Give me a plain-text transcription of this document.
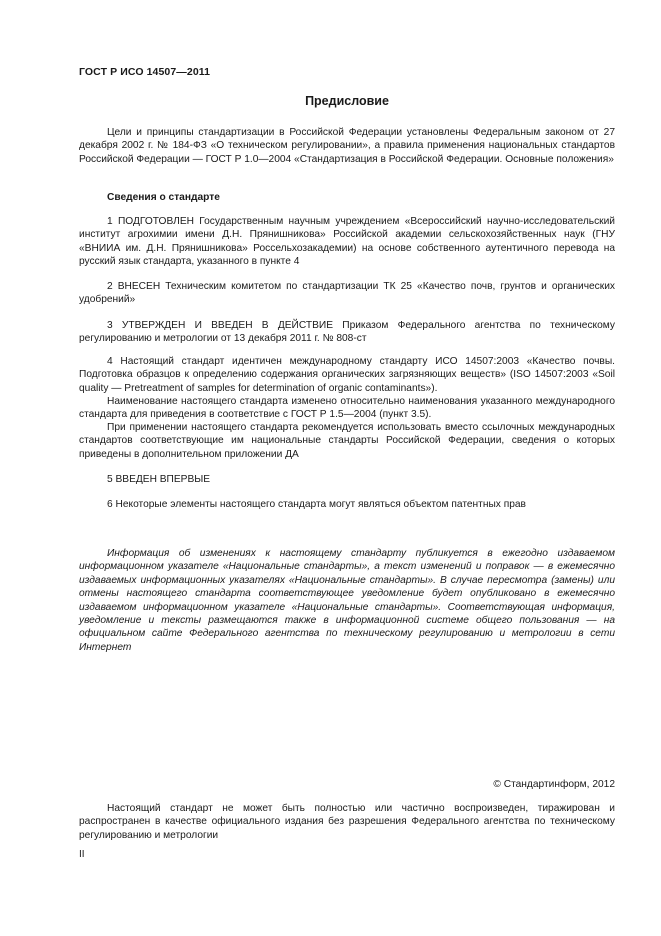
ГОСТ Р ИСО 14507—2011
Предисловие

Цели и принципы стандартизации в Российской Федерации установлены Федеральным законом от 27 декабря 2002 г. № 184-ФЗ «О техническом регулировании», а правила применения национальных стандартов Российской Федерации — ГОСТ Р 1.0—2004 «Стандартизация в Российской Федерации. Основные положения»

Сведения о стандарте

1 ПОДГОТОВЛЕН Государственным научным учреждением «Всероссийский научно-исследовательский институт агрохимии имени Д.Н. Прянишникова» Российской академии сельскохозяйственных наук (ГНУ «ВНИИА им. Д.Н. Прянишникова» Россельхозакадемии) на основе собственного аутентичного перевода на русский язык стандарта, указанного в пункте 4

2 ВНЕСЕН Техническим комитетом по стандартизации ТК 25 «Качество почв, грунтов и органических удобрений»

3 УТВЕРЖДЕН И ВВЕДЕН В ДЕЙСТВИЕ Приказом Федерального агентства по техническому регулированию и метрологии от 13 декабря 2011 г. № 808-ст

4 Настоящий стандарт идентичен международному стандарту ИСО 14507:2003 «Качество почвы. Подготовка образцов к определению содержания органических загрязняющих веществ» (ISO 14507:2003 «Soil quality — Pretreatment of samples for determination of organic contaminants»).

Наименование настоящего стандарта изменено относительно наименования указанного международного стандарта для приведения в соответствие с ГОСТ Р 1.5—2004 (пункт 3.5).

При применении настоящего стандарта рекомендуется использовать вместо ссылочных международных стандартов соответствующие им национальные стандарты Российской Федерации, сведения о которых приведены в дополнительном приложении ДА

5 ВВЕДЕН ВПЕРВЫЕ

6 Некоторые элементы настоящего стандарта могут являться объектом патентных прав

Информация об изменениях к настоящему стандарту публикуется в ежегодно издаваемом информационном указателе «Национальные стандарты», а текст изменений и поправок — в ежемесячно издаваемых информационных указателях «Национальные стандарты». В случае пересмотра (замены) или отмены настоящего стандарта соответствующее уведомление будет опубликовано в ежемесячно издаваемом информационном указателе «Национальные стандарты». Соответствующая информация, уведомление и тексты размещаются также в информационной системе общего пользования — на официальном сайте Федерального агентства по техническому регулированию и метрологии в сети Интернет

© Стандартинформ, 2012

Настоящий стандарт не может быть полностью или частично воспроизведен, тиражирован и распространен в качестве официального издания без разрешения Федерального агентства по техническому регулированию и метрологии

II
